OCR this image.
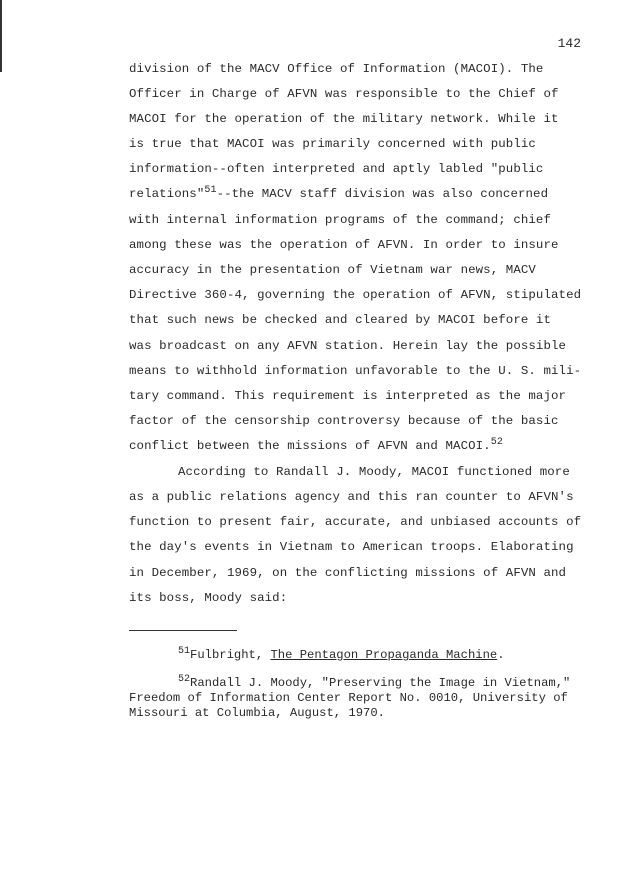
142
division of the MACV Office of Information (MACOI). The
Officer in Charge of AFVN was responsible to the Chief of
MACOI for the operation of the military network. While it
is true that MACOI was primarily concerned with public
information--often interpreted and aptly labled "public
relations"$^{51}$--the MACV staff division was also concerned
with internal information programs of the command; chief
among these was the operation of AFVN. In order to insure
accuracy in the presentation of Vietnam war news, MACV
Directive 360-4, governing the operation of AFVN, stipulated
that such news be checked and cleared by MACOI before it
was broadcast on any AFVN station. Herein lay the possible
means to withhold information unfavorable to the U. S. mili-
tary command. This requirement is interpreted as the major
factor of the censorship controversy because of the basic
conflict between the missions of AFVN and MACOI.$^{52}$
According to Randall J. Moody, MACOI functioned more
as a public relations agency and this ran counter to AFVN's
function to present fair, accurate, and unbiased accounts of
the day's events in Vietnam to American troops. Elaborating
in December, 1969, on the conflicting missions of AFVN and
its boss, Moody said:
$^{51}$Fulbright, The Pentagon Propaganda Machine.
$^{52}$Randall J. Moody, "Preserving the Image in Vietnam,"
Freedom of Information Center Report No. 0010, University of
Missouri at Columbia, August, 1970.
